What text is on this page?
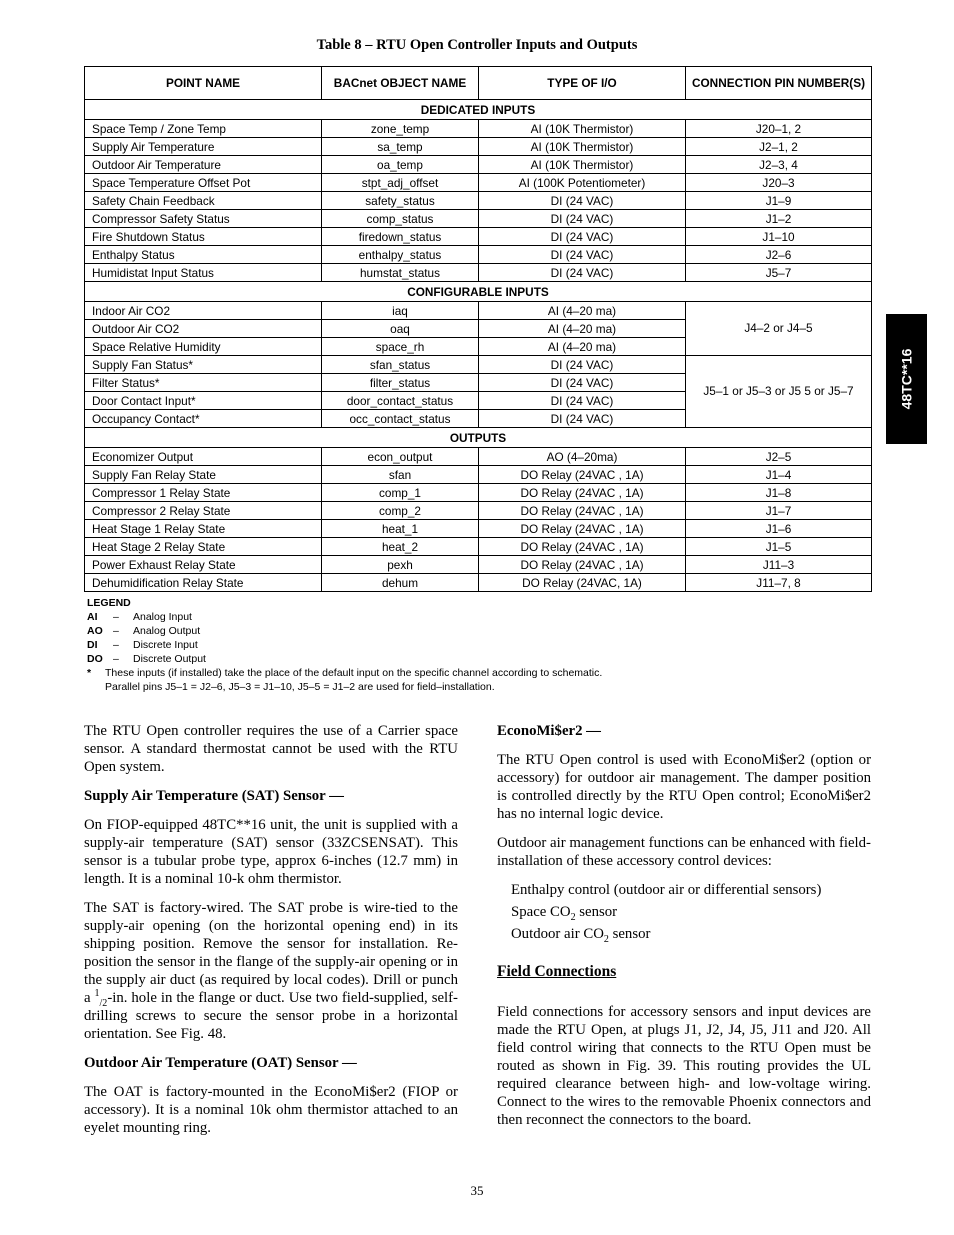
Table 8 – RTU Open Controller Inputs and Outputs
POINT NAME	BACnet OBJECT NAME	TYPE OF I/O	CONNECTION PIN NUMBER(S)
DEDICATED INPUTS			
Space Temp / Zone Temp	zone_temp	AI (10K Thermistor)	J20–1, 2
Supply Air Temperature	sa_temp	AI (10K Thermistor)	J2–1, 2
Outdoor Air Temperature	oa_temp	AI (10K Thermistor)	J2–3, 4
Space Temperature Offset Pot	stpt_adj_offset	AI (100K Potentiometer)	J20–3
Safety Chain Feedback	safety_status	DI (24 VAC)	J1–9
Compressor Safety Status	comp_status	DI (24 VAC)	J1–2
Fire Shutdown Status	firedown_status	DI (24 VAC)	J1–10
Enthalpy Status	enthalpy_status	DI (24 VAC)	J2–6
Humidistat Input Status	humstat_status	DI (24 VAC)	J5–7
CONFIGURABLE INPUTS			
Indoor Air CO2	iaq	AI (4–20 ma)	J4–2 or J4–5
Outdoor Air CO2	oaq	AI (4–20 ma)	
Space Relative Humidity	space_rh	AI (4–20 ma)	
Supply Fan Status*	sfan_status	DI (24 VAC)	J5–1 or J5–3 or J5 5 or J5–7
Filter Status*	filter_status	DI (24 VAC)	
Door Contact Input*	door_contact_status	DI (24 VAC)	
Occupancy Contact*	occ_contact_status	DI (24 VAC)	
OUTPUTS			
Economizer Output	econ_output	AO (4–20ma)	J2–5
Supply Fan Relay State	sfan	DO Relay (24VAC , 1A)	J1–4
Compressor 1 Relay State	comp_1	DO Relay (24VAC , 1A)	J1–8
Compressor 2 Relay State	comp_2	DO Relay (24VAC , 1A)	J1–7
Heat Stage 1 Relay State	heat_1	DO Relay (24VAC , 1A)	J1–6
Heat Stage 2 Relay State	heat_2	DO Relay (24VAC , 1A)	J1–5
Power Exhaust Relay State	pexh	DO Relay (24VAC , 1A)	J11–3
Dehumidification Relay State	dehum	DO Relay (24VAC, 1A)	J11–7, 8
LEGEND
AI	–	Analog Input
AO –	Analog Output
DI	–	Discrete Input
DO –	Discrete Output
*	These inputs (if installed) take the place of the default input on the specific channel according to schematic.
Parallel pins J5–1 = J2–6, J5–3 = J1–10, J5–5 = J1–2 are used for field–installation.
48TC**16

The RTU Open controller requires the use of a Carrier space sensor. A standard thermostat cannot be used with the RTU Open system.

Supply Air Temperature (SAT) Sensor —

On FIOP-equipped 48TC**16 unit, the unit is supplied with a supply-air temperature (SAT) sensor (33ZCSENSAT). This sensor is a tubular probe type, approx 6-inches (12.7 mm) in length. It is a nominal 10-k ohm thermistor.

The SAT is factory-wired. The SAT probe is wire-tied to the supply-air opening (on the horizontal opening end) in its shipping position. Remove the sensor for installation. Re-position the sensor in the flange of the supply-air opening or in the supply air duct (as required by local codes). Drill or punch a $^1_{/2}$-in. hole in the flange or duct. Use two field-supplied, self-drilling screws to secure the sensor probe in a horizontal orientation. See Fig. 48.

Outdoor Air Temperature (OAT) Sensor —

The OAT is factory-mounted in the EconoMi$er2 (FIOP or accessory). It is a nominal 10k ohm thermistor attached to an eyelet mounting ring.

EconoMi$er2 —

The RTU Open control is used with EconoMi$er2 (option or accessory) for outdoor air management. The damper position is controlled directly by the RTU Open control; EconoMi$er2 has no internal logic device.

Outdoor air management functions can be enhanced with field-installation of these accessory control devices:

Enthalpy control (outdoor air or differential sensors)

Space $CO_2$ sensor

Outdoor air $CO_2$ sensor

Field Connections

Field connections for accessory sensors and input devices are made the RTU Open, at plugs J1, J2, J4, J5, J11 and J20. All field control wiring that connects to the RTU Open must be routed as shown in Fig. 39. This routing provides the UL required clearance between high- and low-voltage wiring. Connect to the wires to the removable Phoenix connectors and then reconnect the connectors to the board.

35
